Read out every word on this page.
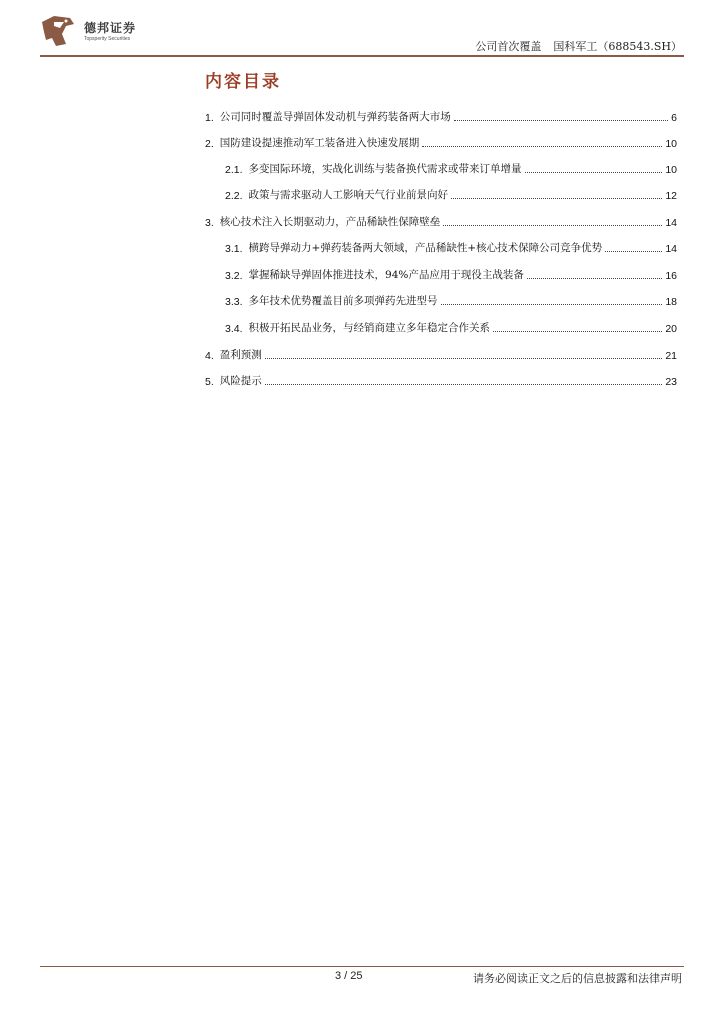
德邦证券
Topsperity Securities
公司首次覆盖 国科军工（688543.SH）
内容目录
1. 公司同时覆盖导弹固体发动机与弹药装备两大市场	6
2. 国防建设提速推动军工装备进入快速发展期	10
2.1. 多变国际环境，实战化训练与装备换代需求或带来订单增量	10
2.2. 政策与需求驱动人工影响天气行业前景向好	12
3. 核心技术注入长期驱动力，产品稀缺性保障壁垒	14
3.1. 横跨导弹动力+弹药装备两大领域，产品稀缺性+核心技术保障公司竞争优势	14
3.2. 掌握稀缺导弹固体推进技术，94%产品应用于现役主战装备	16
3.3. 多年技术优势覆盖目前多项弹药先进型号	18
3.4. 积极开拓民品业务，与经销商建立多年稳定合作关系	20
4. 盈利预测	21
5. 风险提示	23
3 / 25	请务必阅读正文之后的信息披露和法律声明
